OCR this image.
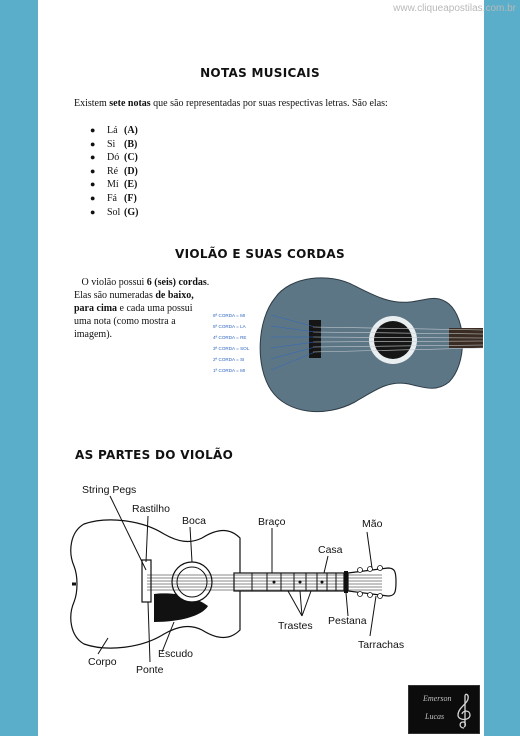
www.cliqueapostilas.com.br
NOTAS MUSICAIS
Existem sete notas que são representadas por suas respectivas letras. São elas:
● Lá (A)
● Si (B)
● Dó (C)
● Ré (D)
● Mí (E)
● Fá (F)
● Sol (G)
VIOLÃO E SUAS CORDAS
O violão possui 6 (seis) cordas.
Elas são numeradas de baixo,
para cima e cada uma possui
uma nota (como mostra a
imagem).
6ª CORDA = MI
5ª CORDA = LA
4ª CORDA = RE
3ª CORDA = SOL
2ª CORDA = SI
1ª CORDA = MI
AS PARTES DO VIOLÃO
String Pegs
Rastilho
Boca	Braço	Mão
Casa
Trastes Pestana
Tarrachas
Corpo
Escudo
Ponte
Emerson
Lucas
